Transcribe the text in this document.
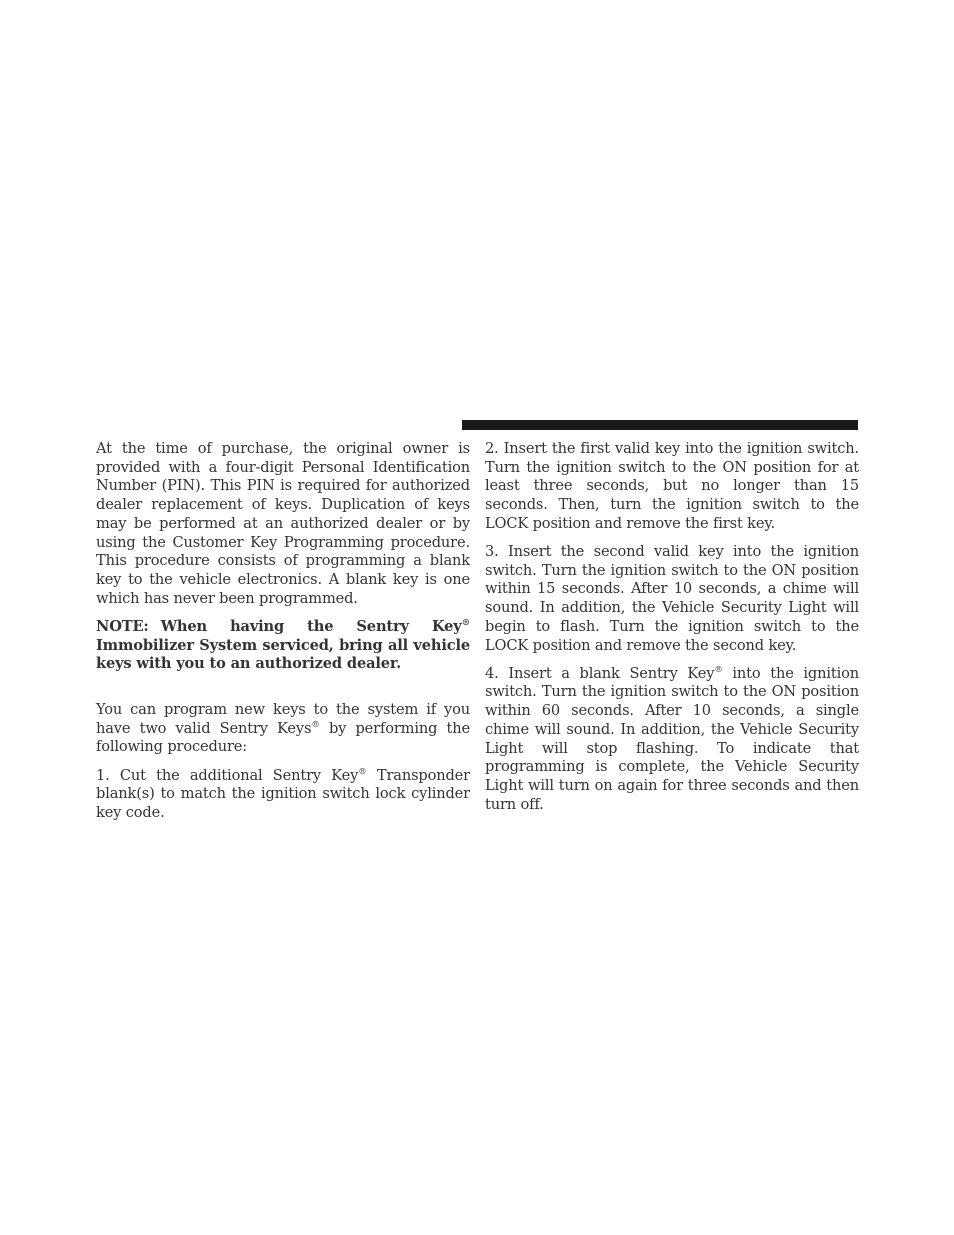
At the time of purchase, the original owner is provided with a four-digit Personal Identification Number (PIN). This PIN is required for authorized dealer replacement of keys. Duplication of keys may be performed at an authorized dealer or by using the Customer Key Programming procedure. This procedure consists of programming a blank key to the vehicle electronics. A blank key is one which has never been programmed.

NOTE: When having the Sentry Key® Immobilizer System serviced, bring all vehicle keys with you to an authorized dealer.

You can program new keys to the system if you have two valid Sentry Keys® by performing the following procedure:

1. Cut the additional Sentry Key® Transponder blank(s) to match the ignition switch lock cylinder key code.

2. Insert the first valid key into the ignition switch. Turn the ignition switch to the ON position for at least three seconds, but no longer than 15 seconds. Then, turn the ignition switch to the LOCK position and remove the first key.

3. Insert the second valid key into the ignition switch. Turn the ignition switch to the ON position within 15 seconds. After 10 seconds, a chime will sound. In addition, the Vehicle Security Light will begin to flash. Turn the ignition switch to the LOCK position and remove the second key.

4. Insert a blank Sentry Key® into the ignition switch. Turn the ignition switch to the ON position within 60 seconds. After 10 seconds, a single chime will sound. In addition, the Vehicle Security Light will stop flashing. To indicate that programming is complete, the Vehicle Security Light will turn on again for three seconds and then turn off.
